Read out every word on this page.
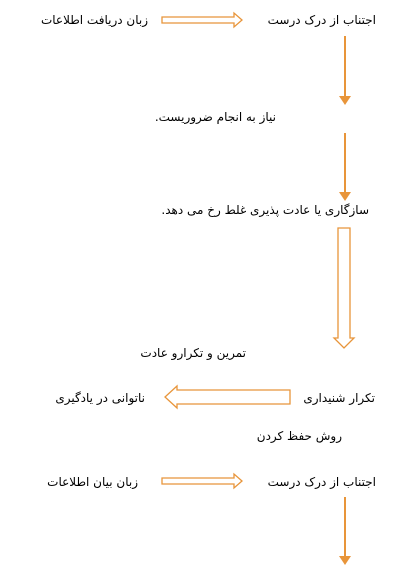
اجتناب از درک درست
زبان دریافت اطلاعات
نیاز به انجام ضروریست.
سازگاری یا عادت پذیری غلط رخ می دهد.
تمرین و تکرارو عادت
تکرار شنیداری
ناتوانی در یادگیری
روش حفظ کردن
اجتناب از درک درست
زبان بیان اطلاعات
